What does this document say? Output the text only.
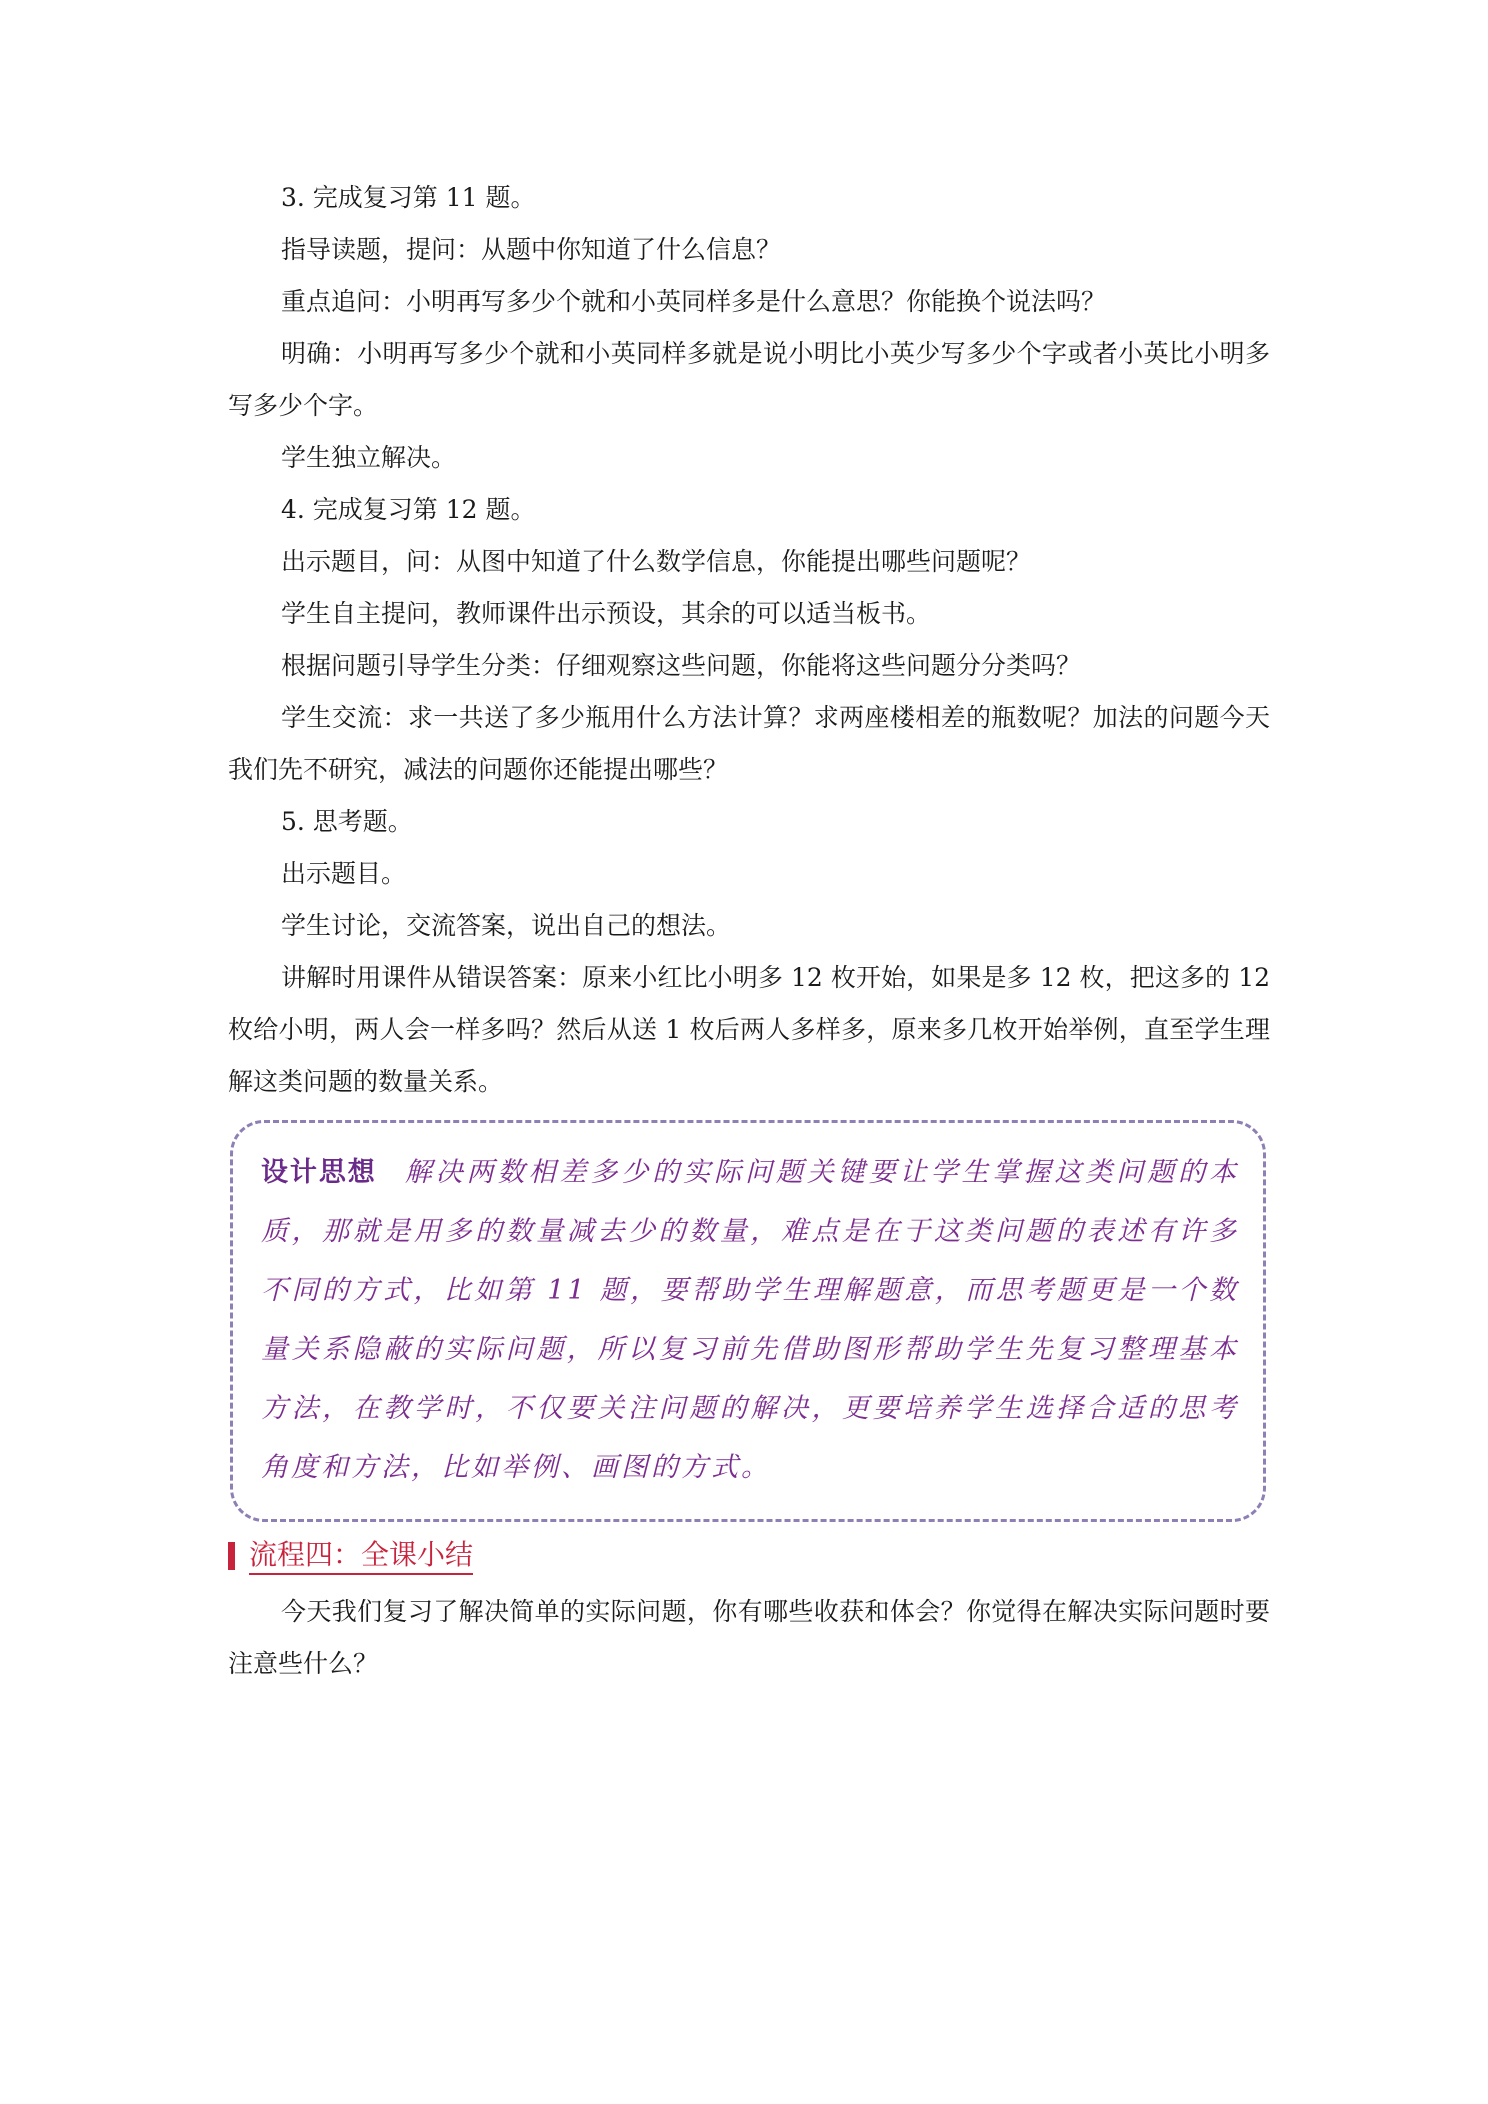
3. 完成复习第 11 题。

指导读题，提问：从题中你知道了什么信息？

重点追问：小明再写多少个就和小英同样多是什么意思？你能换个说法吗？

明确：小明再写多少个就和小英同样多就是说小明比小英少写多少个字或者小英比小明多写多少个字。

学生独立解决。

4. 完成复习第 12 题。

出示题目，问：从图中知道了什么数学信息，你能提出哪些问题呢？

学生自主提问，教师课件出示预设，其余的可以适当板书。

根据问题引导学生分类：仔细观察这些问题，你能将这些问题分分类吗？

学生交流：求一共送了多少瓶用什么方法计算？求两座楼相差的瓶数呢？加法的问题今天我们先不研究，减法的问题你还能提出哪些？

5. 思考题。

出示题目。

学生讨论，交流答案，说出自己的想法。

讲解时用课件从错误答案：原来小红比小明多 12 枚开始，如果是多 12 枚，把这多的 12 枚给小明，两人会一样多吗？然后从送 1 枚后两人多样多，原来多几枚开始举例，直至学生理解这类问题的数量关系。

设计思想 解决两数相差多少的实际问题关键要让学生掌握这类问题的本质，那就是用多的数量减去少的数量，难点是在于这类问题的表述有许多不同的方式，比如第 11 题，要帮助学生理解题意，而思考题更是一个数量关系隐蔽的实际问题，所以复习前先借助图形帮助学生先复习整理基本方法，在教学时，不仅要关注问题的解决，更要培养学生选择合适的思考角度和方法，比如举例、画图的方式。

流程四：全课小结

今天我们复习了解决简单的实际问题，你有哪些收获和体会？你觉得在解决实际问题时要注意些什么？
